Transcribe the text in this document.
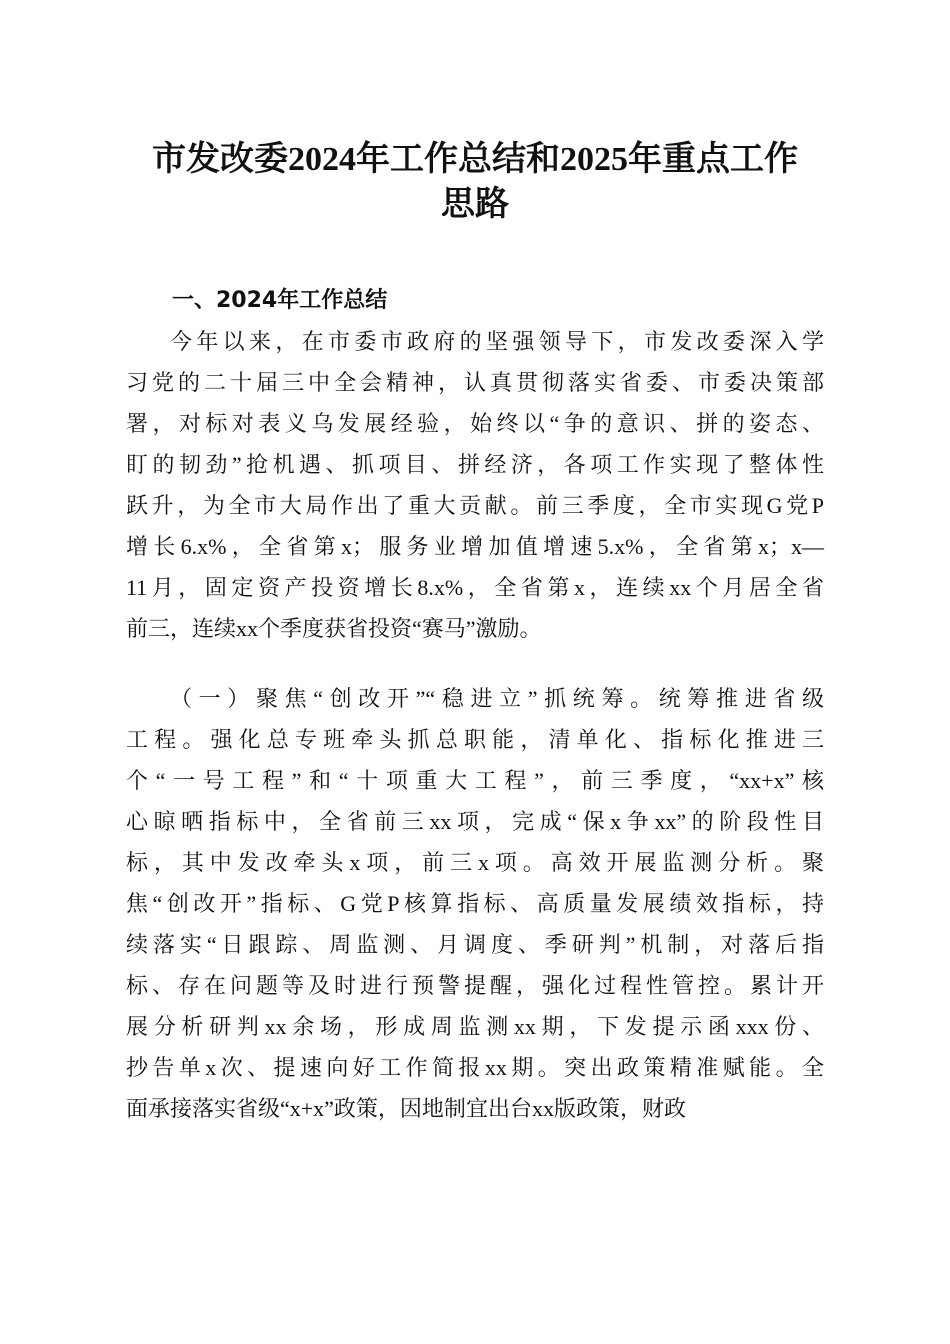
市发改委2024年工作总结和2025年重点工作
思路
一、2024年工作总结
今年以来，在市委市政府的坚强领导下，市发改委深入学
习党的二十届三中全会精神，认真贯彻落实省委、市委决策部
署，对标对表义乌发展经验，始终以“争的意识、拼的姿态、
盯的韧劲”抢机遇、抓项目、拼经济，各项工作实现了整体性
跃升，为全市大局作出了重大贡献。前三季度，全市实现G党P
增长6.x%，全省第x；服务业增加值增速5.x%，全省第x；x—
11月，固定资产投资增长8.x%，全省第x，连续xx个月居全省
前三，连续xx个季度获省投资“赛马”激励。
（一）聚焦“创改开”“稳进立”抓统筹。统筹推进省级
工程。强化总专班牵头抓总职能，清单化、指标化推进三
个“一号工程”和“十项重大工程”，前三季度，“xx+x”核
心晾晒指标中，全省前三xx项，完成“保x争xx”的阶段性目
标，其中发改牵头x项，前三x项。高效开展监测分析。聚
焦“创改开”指标、G党P核算指标、高质量发展绩效指标，持
续落实“日跟踪、周监测、月调度、季研判”机制，对落后指
标、存在问题等及时进行预警提醒，强化过程性管控。累计开
展分析研判xx余场，形成周监测xx期，下发提示函xxx份、
抄告单x次、提速向好工作简报xx期。突出政策精准赋能。全
面承接落实省级“x+x”政策，因地制宜出台xx版政策，财政
